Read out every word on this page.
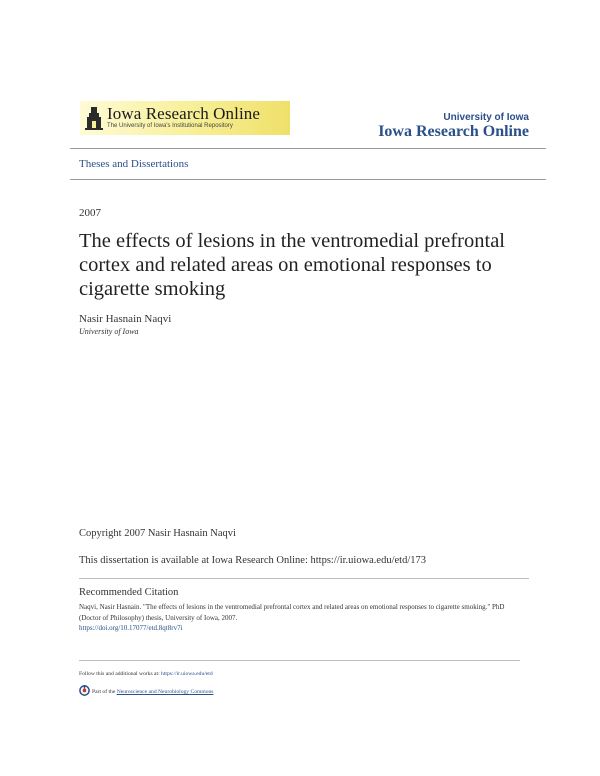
Iowa Research Online
The University of Iowa's Institutional Repository
University of Iowa
Iowa Research Online
Theses and Dissertations
2007
The effects of lesions in the ventromedial prefrontal cortex and related areas on emotional responses to cigarette smoking
Nasir Hasnain Naqvi
University of Iowa
Copyright 2007 Nasir Hasnain Naqvi
This dissertation is available at Iowa Research Online: https://ir.uiowa.edu/etd/173
Recommended Citation
Naqvi, Nasir Hasnain. "The effects of lesions in the ventromedial prefrontal cortex and related areas on emotional responses to cigarette smoking." PhD (Doctor of Philosophy) thesis, University of Iowa, 2007.
https://doi.org/10.17077/etd.8qt8rv7i
Follow this and additional works at: https://ir.uiowa.edu/etd
Part of the Neuroscience and Neurobiology Commons
